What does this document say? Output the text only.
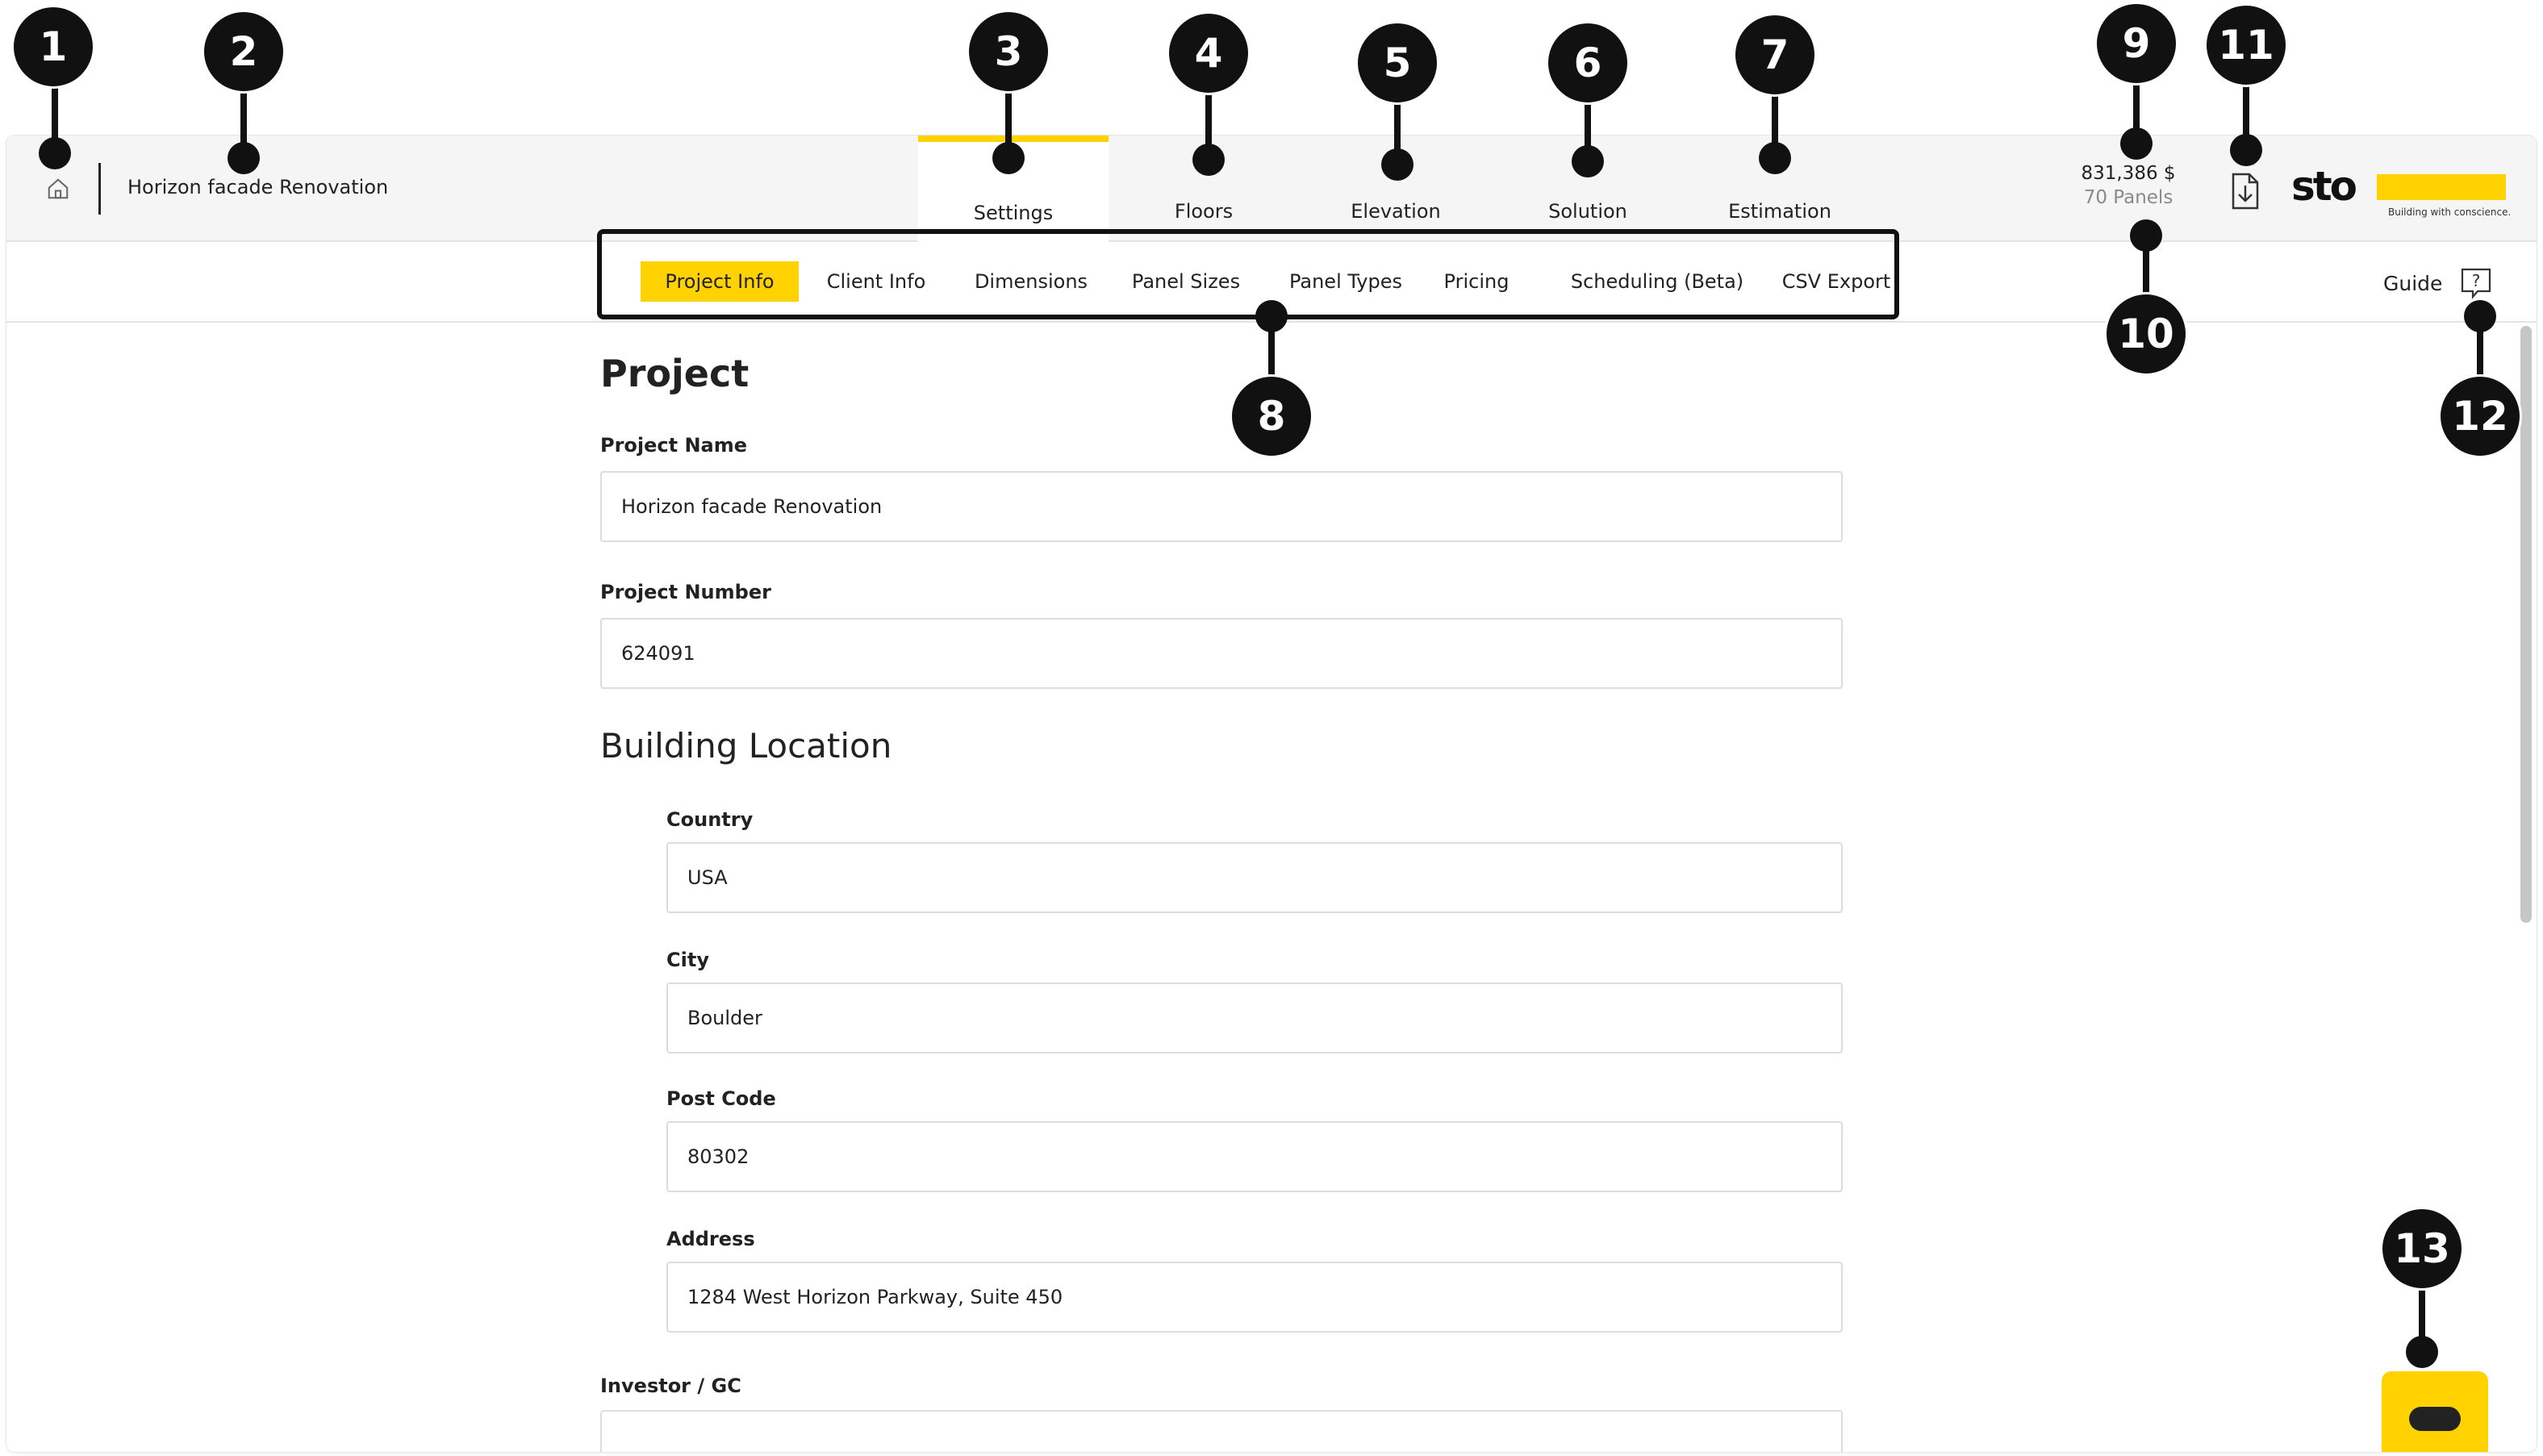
Horizon facade Renovation
Settings	Floors	Elevation	Solution	Estimation
831,386 $
70 Panels	sto
Building with conscience.
Project Info	Client Info	Dimensions	Panel Sizes	Panel Types	Pricing	Scheduling (Beta)	CSV Export	Guide ?
Project
Project Name
Horizon facade Renovation
Project Number
624091
Building Location
Country
USA
City
Boulder
Post Code
80302
Address
1284 West Horizon Parkway, Suite 450
Investor / GC
1	2	3	4	5	6	7
8
9
10
11
12
13
